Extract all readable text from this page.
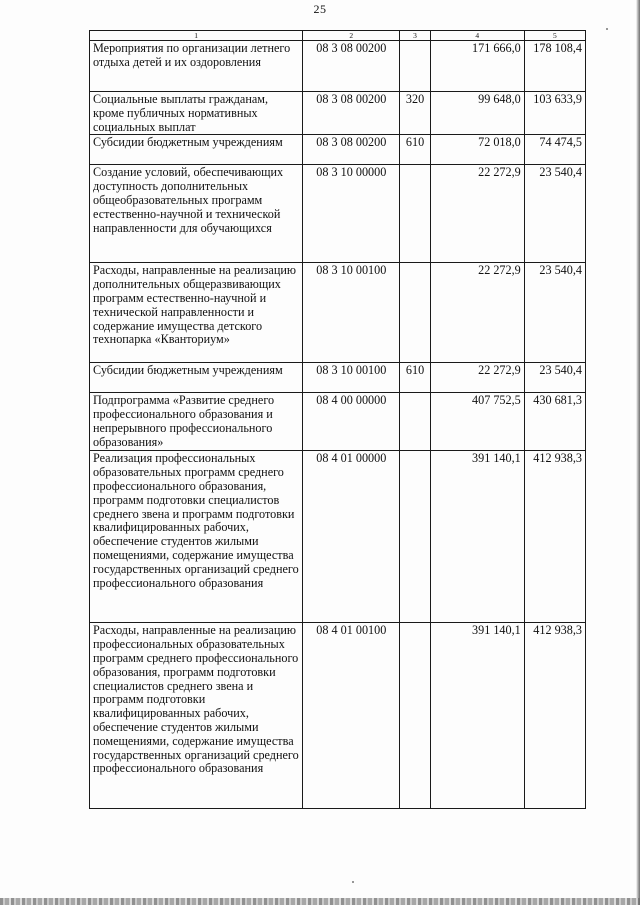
25
1	2	3	4	5
Мероприятия по организации летнего отдыха детей и их оздоровления	08 3 08 00200		171 666,0	178 108,4
Социальные выплаты гражданам, кроме публичных нормативных социальных выплат	08 3 08 00200	320	99 648,0	103 633,9
Субсидии бюджетным учреждениям	08 3 08 00200	610	72 018,0	74 474,5
Создание условий, обеспечивающих доступность дополнительных общеобразовательных программ естественно-научной и технической направленности для обучающихся	08 3 10 00000		22 272,9	23 540,4
Расходы, направленные на реализацию дополнительных общеразвивающих программ естественно-научной и технической направленности и содержание имущества детского технопарка «Кванториум»	08 3 10 00100		22 272,9	23 540,4
Субсидии бюджетным учреждениям	08 3 10 00100	610	22 272,9	23 540,4
Подпрограмма «Развитие среднего профессионального образования и непрерывного профессионального образования»	08 4 00 00000		407 752,5	430 681,3
Реализация профессиональных образовательных программ среднего профессионального образования, программ подготовки специалистов среднего звена и программ подготовки квалифицированных рабочих, обеспечение студентов жилыми помещениями, содержание имущества государственных организаций среднего профессионального образования	08 4 01 00000		391 140,1	412 938,3
Расходы, направленные на реализацию профессиональных образовательных программ среднего профессионального образования, программ подготовки специалистов среднего звена и программ подготовки квалифицированных рабочих, обеспечение студентов жилыми помещениями, содержание имущества государственных организаций среднего профессионального образования	08 4 01 00100		391 140,1	412 938,3
